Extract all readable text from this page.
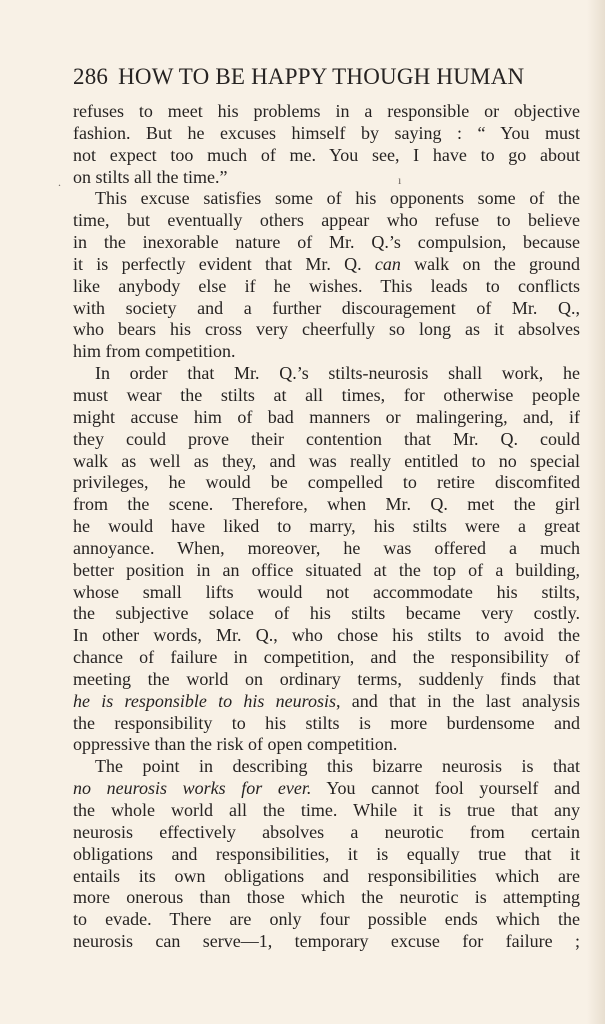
.	ı
286 HOW TO BE HAPPY THOUGH HUMAN
refuses to meet his problems in a responsible or objective
fashion. But he excuses himself by saying : “ You must
not expect too much of me. You see, I have to go about
on stilts all the time.”
This excuse satisfies some of his opponents some of the
time, but eventually others appear who refuse to believe
in the inexorable nature of Mr. Q.’s compulsion, because
it is perfectly evident that Mr. Q. can walk on the ground
like anybody else if he wishes. This leads to conflicts
with society and a further discouragement of Mr. Q.,
who bears his cross very cheerfully so long as it absolves
him from competition.
In order that Mr. Q.’s stilts-neurosis shall work, he
must wear the stilts at all times, for otherwise people
might accuse him of bad manners or malingering, and, if
they could prove their contention that Mr. Q. could
walk as well as they, and was really entitled to no special
privileges, he would be compelled to retire discomfited
from the scene. Therefore, when Mr. Q. met the girl
he would have liked to marry, his stilts were a great
annoyance. When, moreover, he was offered a much
better position in an office situated at the top of a building,
whose small lifts would not accommodate his stilts,
the subjective solace of his stilts became very costly.
In other words, Mr. Q., who chose his stilts to avoid the
chance of failure in competition, and the responsibility of
meeting the world on ordinary terms, suddenly finds that
he is responsible to his neurosis, and that in the last analysis
the responsibility to his stilts is more burdensome and
oppressive than the risk of open competition.
The point in describing this bizarre neurosis is that
no neurosis works for ever. You cannot fool yourself and
the whole world all the time. While it is true that any
neurosis effectively absolves a neurotic from certain
obligations and responsibilities, it is equally true that it
entails its own obligations and responsibilities which are
more onerous than those which the neurotic is attempting
to evade. There are only four possible ends which the
neurosis can serve—1, temporary excuse for failure ;
